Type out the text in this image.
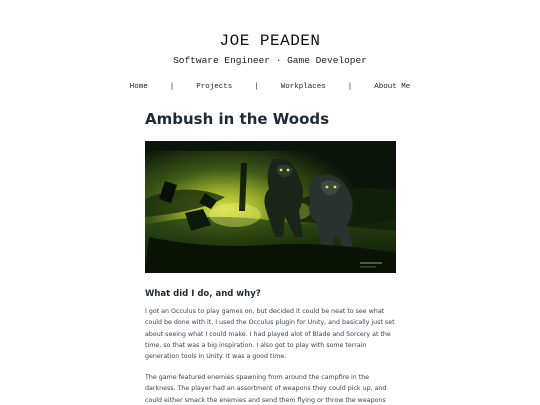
JOE PEADEN
Software Engineer · Game Developer
Home	|	Projects	|	Workplaces	|	About Me
Ambush in the Woods
What did I do, and why?

I got an Occulus to play games on, but decided it could be neat to see what could be done with it. I used the Occulus plugin for Unity, and basically just set about seeing what I could make. I had played alot of Blade and Sorcery at the time, so that was a big inspiration. I also got to play with some terrain generation tools in Unity. It was a good time.

The game featured enemies spawning from around the campfire in the darkness. The player had an assortment of weapons they could pick up, and could either smack the enemies and send them flying or throw the weapons
